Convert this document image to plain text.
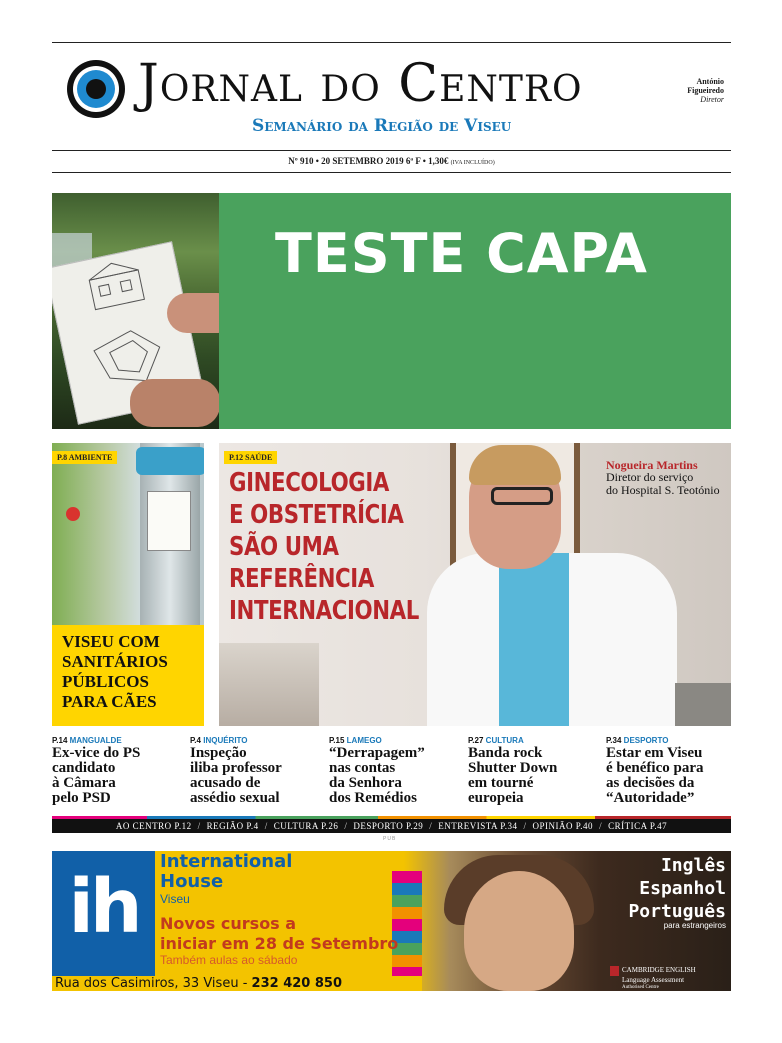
Jornal do Centro
Semanário da Região de Viseu
António
Figueiredo
Diretor
Nº 910 • 20 SETEMBRO 2019 6ª F • 1,30€ (IVA INCLUÍDO)
TESTE CAPA
P.8 AMBIENTE
VISEU COM
SANITÁRIOS
PÚBLICOS
PARA CÃES
P.12 SAÚDE
GINECOLOGIA
E OBSTETRÍCIA
SÃO UMA
REFERÊNCIA
INTERNACIONAL
Nogueira Martins
Diretor do serviço
do Hospital S. Teotónio
P.14 MANGUALDE
Ex-vice do PS
candidato
à Câmara
pelo PSD
P.4 INQUÉRITO
Inspeção
iliba professor
acusado de
assédio sexual
P.15 LAMEGO
“Derrapagem”
nas contas
da Senhora
dos Remédios
P.27 CULTURA
Banda rock
Shutter Down
em tourné
europeia
P.34 DESPORTO
Estar em Viseu
é benéfico para
as decisões da
“Autoridade”
AO CENTRO P.12 / REGIÃO P.4 / CULTURA P.26 / DESPORTO P.29 / ENTREVISTA P.34 / OPINIÃO P.40 / CRÍTICA P.47
PUB
ih
International
House
Viseu
Novos cursos a
iniciar em 28 de Setembro
Também aulas ao sábado
Rua dos Casimiros, 33 Viseu - 232 420 850
Inglês
Espanhol
Português
para estrangeiros
CAMBRIDGE ENGLISH
Language Assessment
Authorised Centre
